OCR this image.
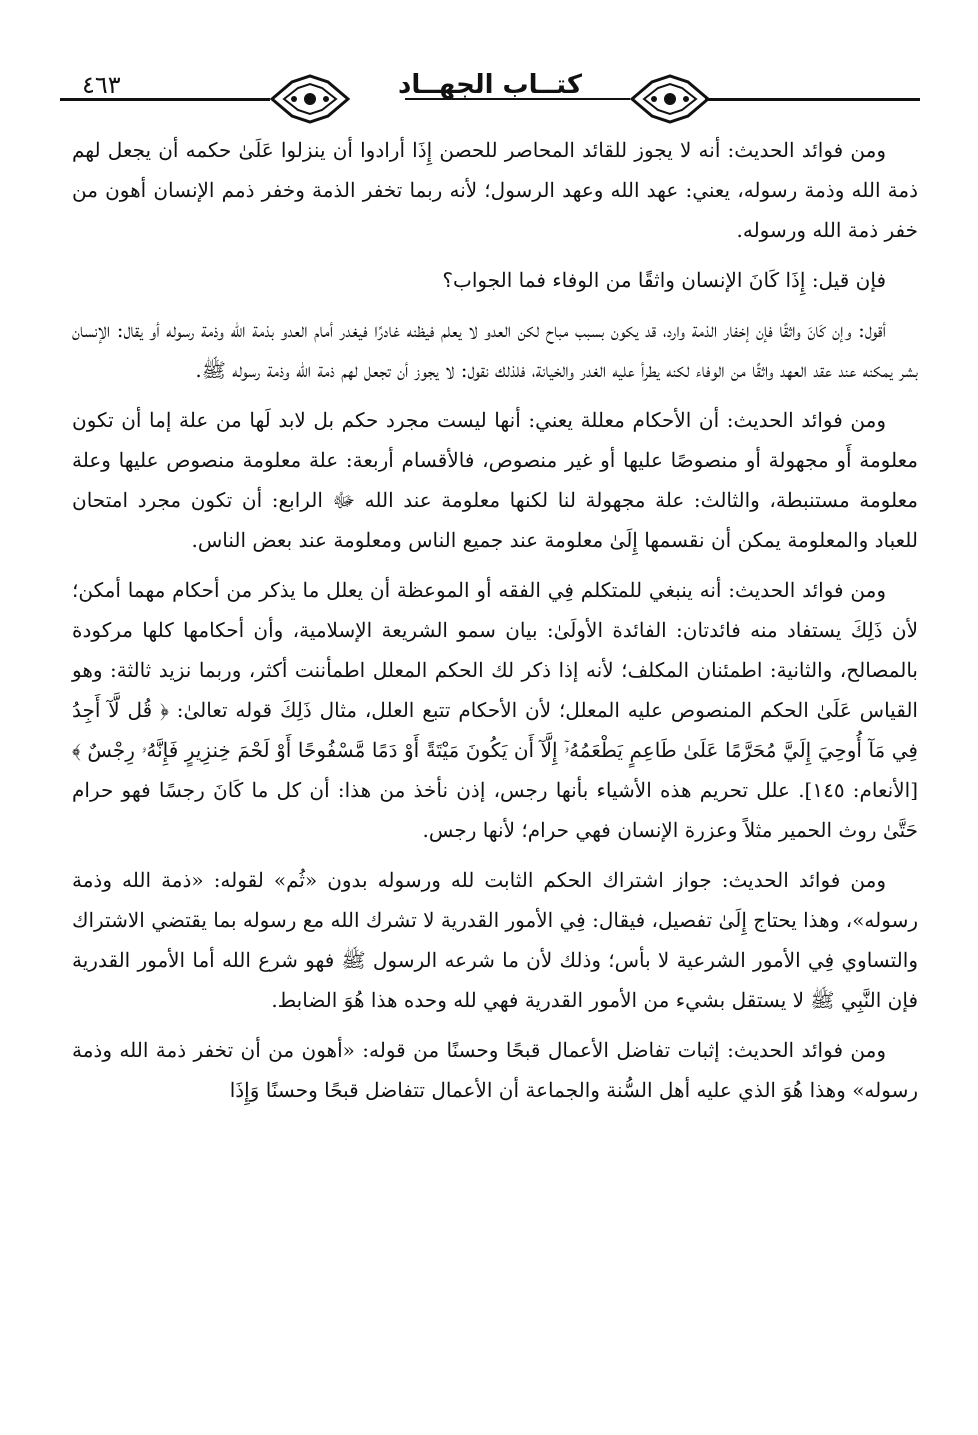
٤٦٣	كتــاب الجهــاد

ومن فوائد الحديث: أنه لا يجوز للقائد المحاصر للحصن إِذَا أرادوا أن ينزلوا عَلَىٰ حكمه أن يجعل لهم ذمة الله وذمة رسوله، يعني: عهد الله وعهد الرسول؛ لأنه ربما تخفر الذمة وخفر ذمم الإنسان أهون من خفر ذمة الله ورسوله.

فإن قيل: إِذَا كَانَ الإنسان واثقًا من الوفاء فما الجواب؟

أقول: وإن كَانَ واثقًا فإن إخفار الذمة وارد، قد يكون بسبب مباح لكن العدو لا يعلم فيظنه غادرًا فيغدر أمام العدو بذمة الله وذمة رسوله أو يقال: الإنسان بشر يمكنه عند عقد العهد واثقًا من الوفاء لكنه يطرأ عليه الغدر والخيانة، فلذلك نقول: لا يجوز أن تجعل لهم ذمة الله وذمة رسوله ﷺ.

ومن فوائد الحديث: أن الأحكام معللة يعني: أنها ليست مجرد حكم بل لابد لَها من علة إما أن تكون معلومة أَو مجهولة أو منصوصًا عليها أو غير منصوص، فالأقسام أربعة: علة معلومة منصوص عليها وعلة معلومة مستنبطة، والثالث: علة مجهولة لنا لكنها معلومة عند الله ﷻ الرابع: أن تكون مجرد امتحان للعباد والمعلومة يمكن أن نقسمها إِلَىٰ معلومة عند جميع الناس ومعلومة عند بعض الناس.

ومن فوائد الحديث: أنه ينبغي للمتكلم فِي الفقه أو الموعظة أن يعلل ما يذكر من أحكام مهما أمكن؛ لأن ذَلِكَ يستفاد منه فائدتان: الفائدة الأولَىٰ: بيان سمو الشريعة الإسلامية، وأن أحكامها كلها مركودة بالمصالح، والثانية: اطمئنان المكلف؛ لأنه إذا ذكر لك الحكم المعلل اطمأننت أكثر، وربما نزيد ثالثة: وهو القياس عَلَىٰ الحكم المنصوص عليه المعلل؛ لأن الأحكام تتبع العلل، مثال ذَلِكَ قوله تعالىٰ: ﴿ قُل لَّآ أَجِدُ فِي مَآ أُوحِيَ إِلَيَّ مُحَرَّمًا عَلَىٰ طَاعِمٍ يَطْعَمُهُۥٓ إِلَّآ أَن يَكُونَ مَيْتَةً أَوْ دَمًا مَّسْفُوحًا أَوْ لَحْمَ خِنزِيرٍ فَإِنَّهُۥ رِجْسٌ ﴾ [الأنعام: ١٤٥]. علل تحريم هذه الأشياء بأنها رجس، إذن نأخذ من هذا: أن كل ما كَانَ رجسًا فهو حرام حَتَّىٰ روث الحمير مثلاً وعزرة الإنسان فهي حرام؛ لأنها رجس.

ومن فوائد الحديث: جواز اشتراك الحكم الثابت لله ورسوله بدون «ثُم» لقوله: «ذمة الله وذمة رسوله»، وهذا يحتاج إِلَىٰ تفصيل، فيقال: فِي الأمور القدرية لا تشرك الله مع رسوله بما يقتضي الاشتراك والتساوي فِي الأمور الشرعية لا بأس؛ وذلك لأن ما شرعه الرسول ﷺ فهو شرع الله أما الأمور القدرية فإن النَّبِي ﷺ لا يستقل بشيء من الأمور القدرية فهي لله وحده هذا هُوَ الضابط.

ومن فوائد الحديث: إثبات تفاضل الأعمال قبحًا وحسنًا من قوله: «أهون من أن تخفر ذمة الله وذمة رسوله» وهذا هُوَ الذي عليه أهل السُّنة والجماعة أن الأعمال تتفاضل قبحًا وحسنًا وَإِذَا
